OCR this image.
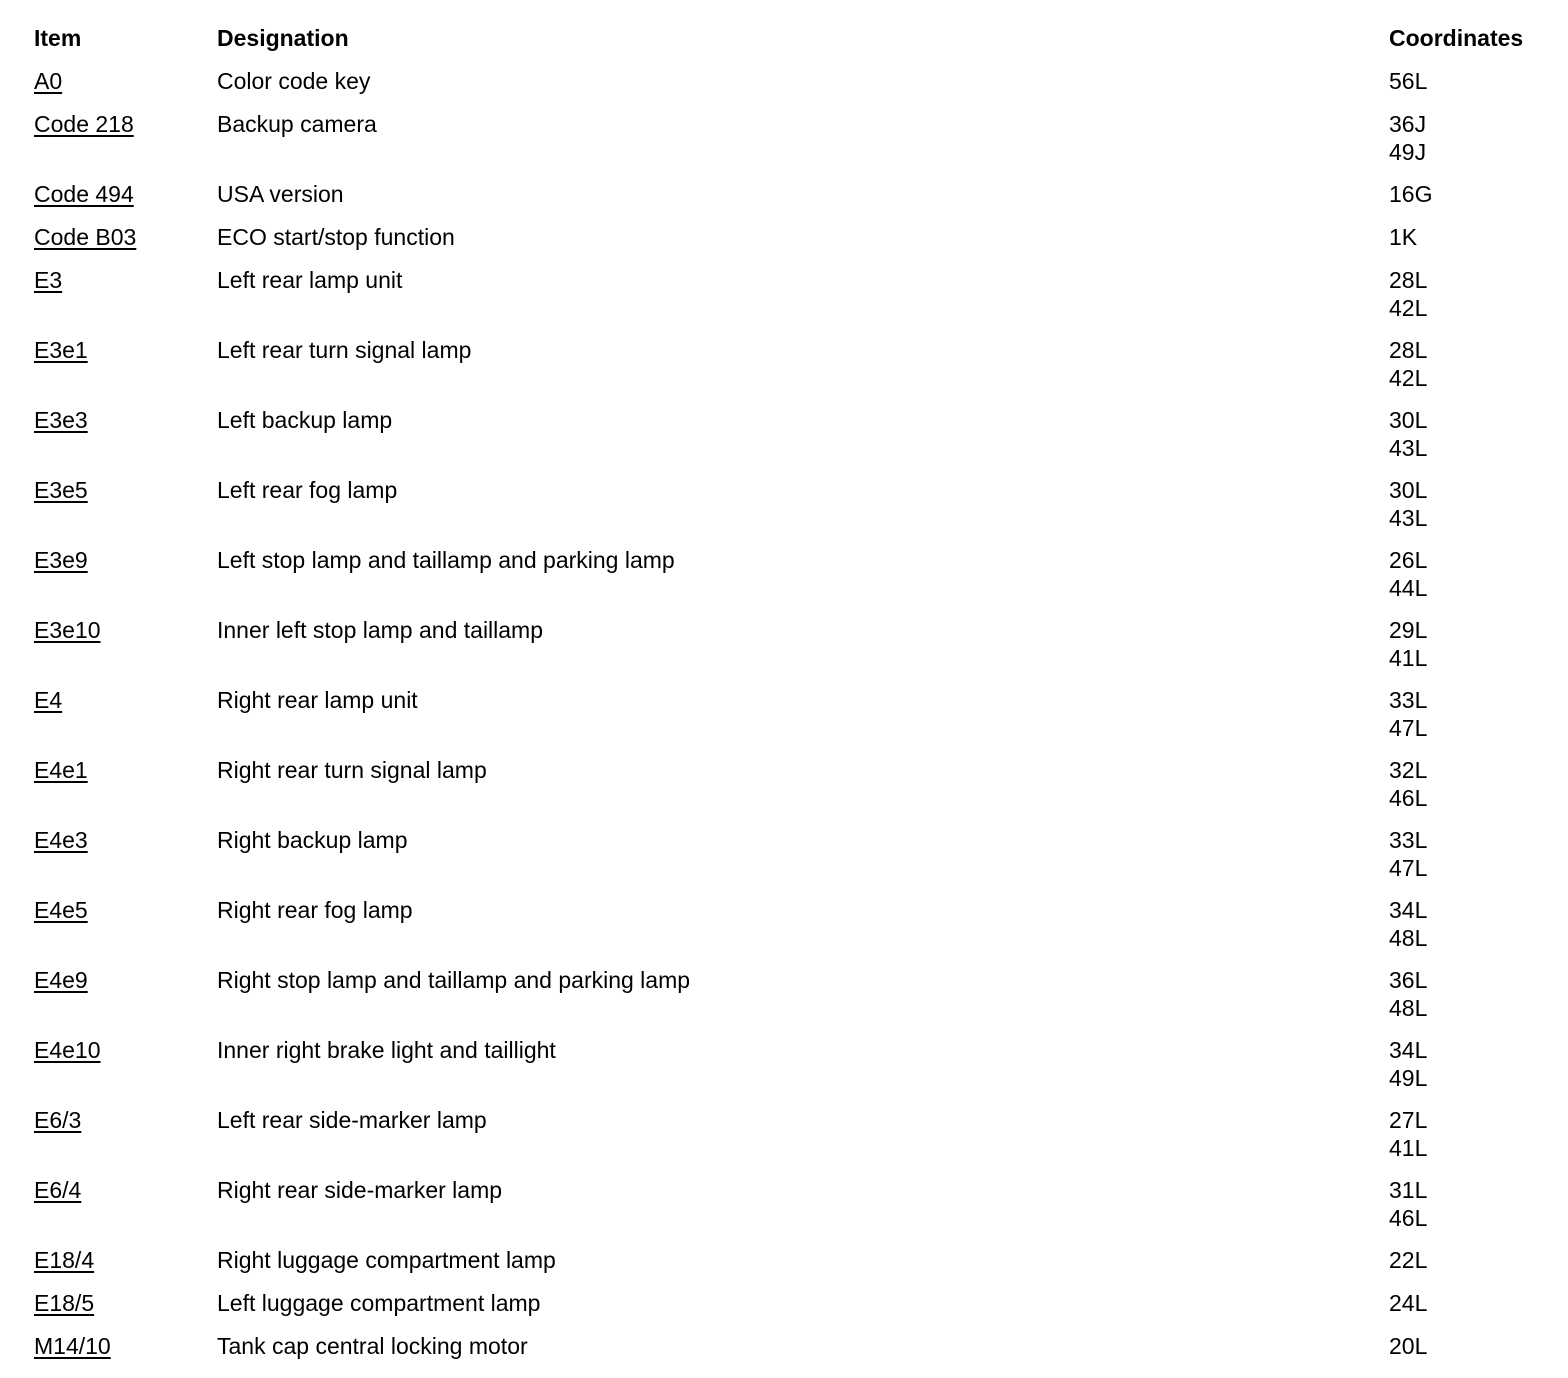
Item	Designation	Coordinates
A0	Color code key	56L
Code 218	Backup camera	36J
49J
Code 494	USA version	16G
Code B03	ECO start/stop function	1K
E3	Left rear lamp unit	28L
42L
E3e1	Left rear turn signal lamp	28L
42L
E3e3	Left backup lamp	30L
43L
E3e5	Left rear fog lamp	30L
43L
E3e9	Left stop lamp and taillamp and parking lamp	26L
44L
E3e10	Inner left stop lamp and taillamp	29L
41L
E4	Right rear lamp unit	33L
47L
E4e1	Right rear turn signal lamp	32L
46L
E4e3	Right backup lamp	33L
47L
E4e5	Right rear fog lamp	34L
48L
E4e9	Right stop lamp and taillamp and parking lamp	36L
48L
E4e10	Inner right brake light and taillight	34L
49L
E6/3	Left rear side-marker lamp	27L
41L
E6/4	Right rear side-marker lamp	31L
46L
E18/4	Right luggage compartment lamp	22L
E18/5	Left luggage compartment lamp	24L
M14/10	Tank cap central locking motor	20L
